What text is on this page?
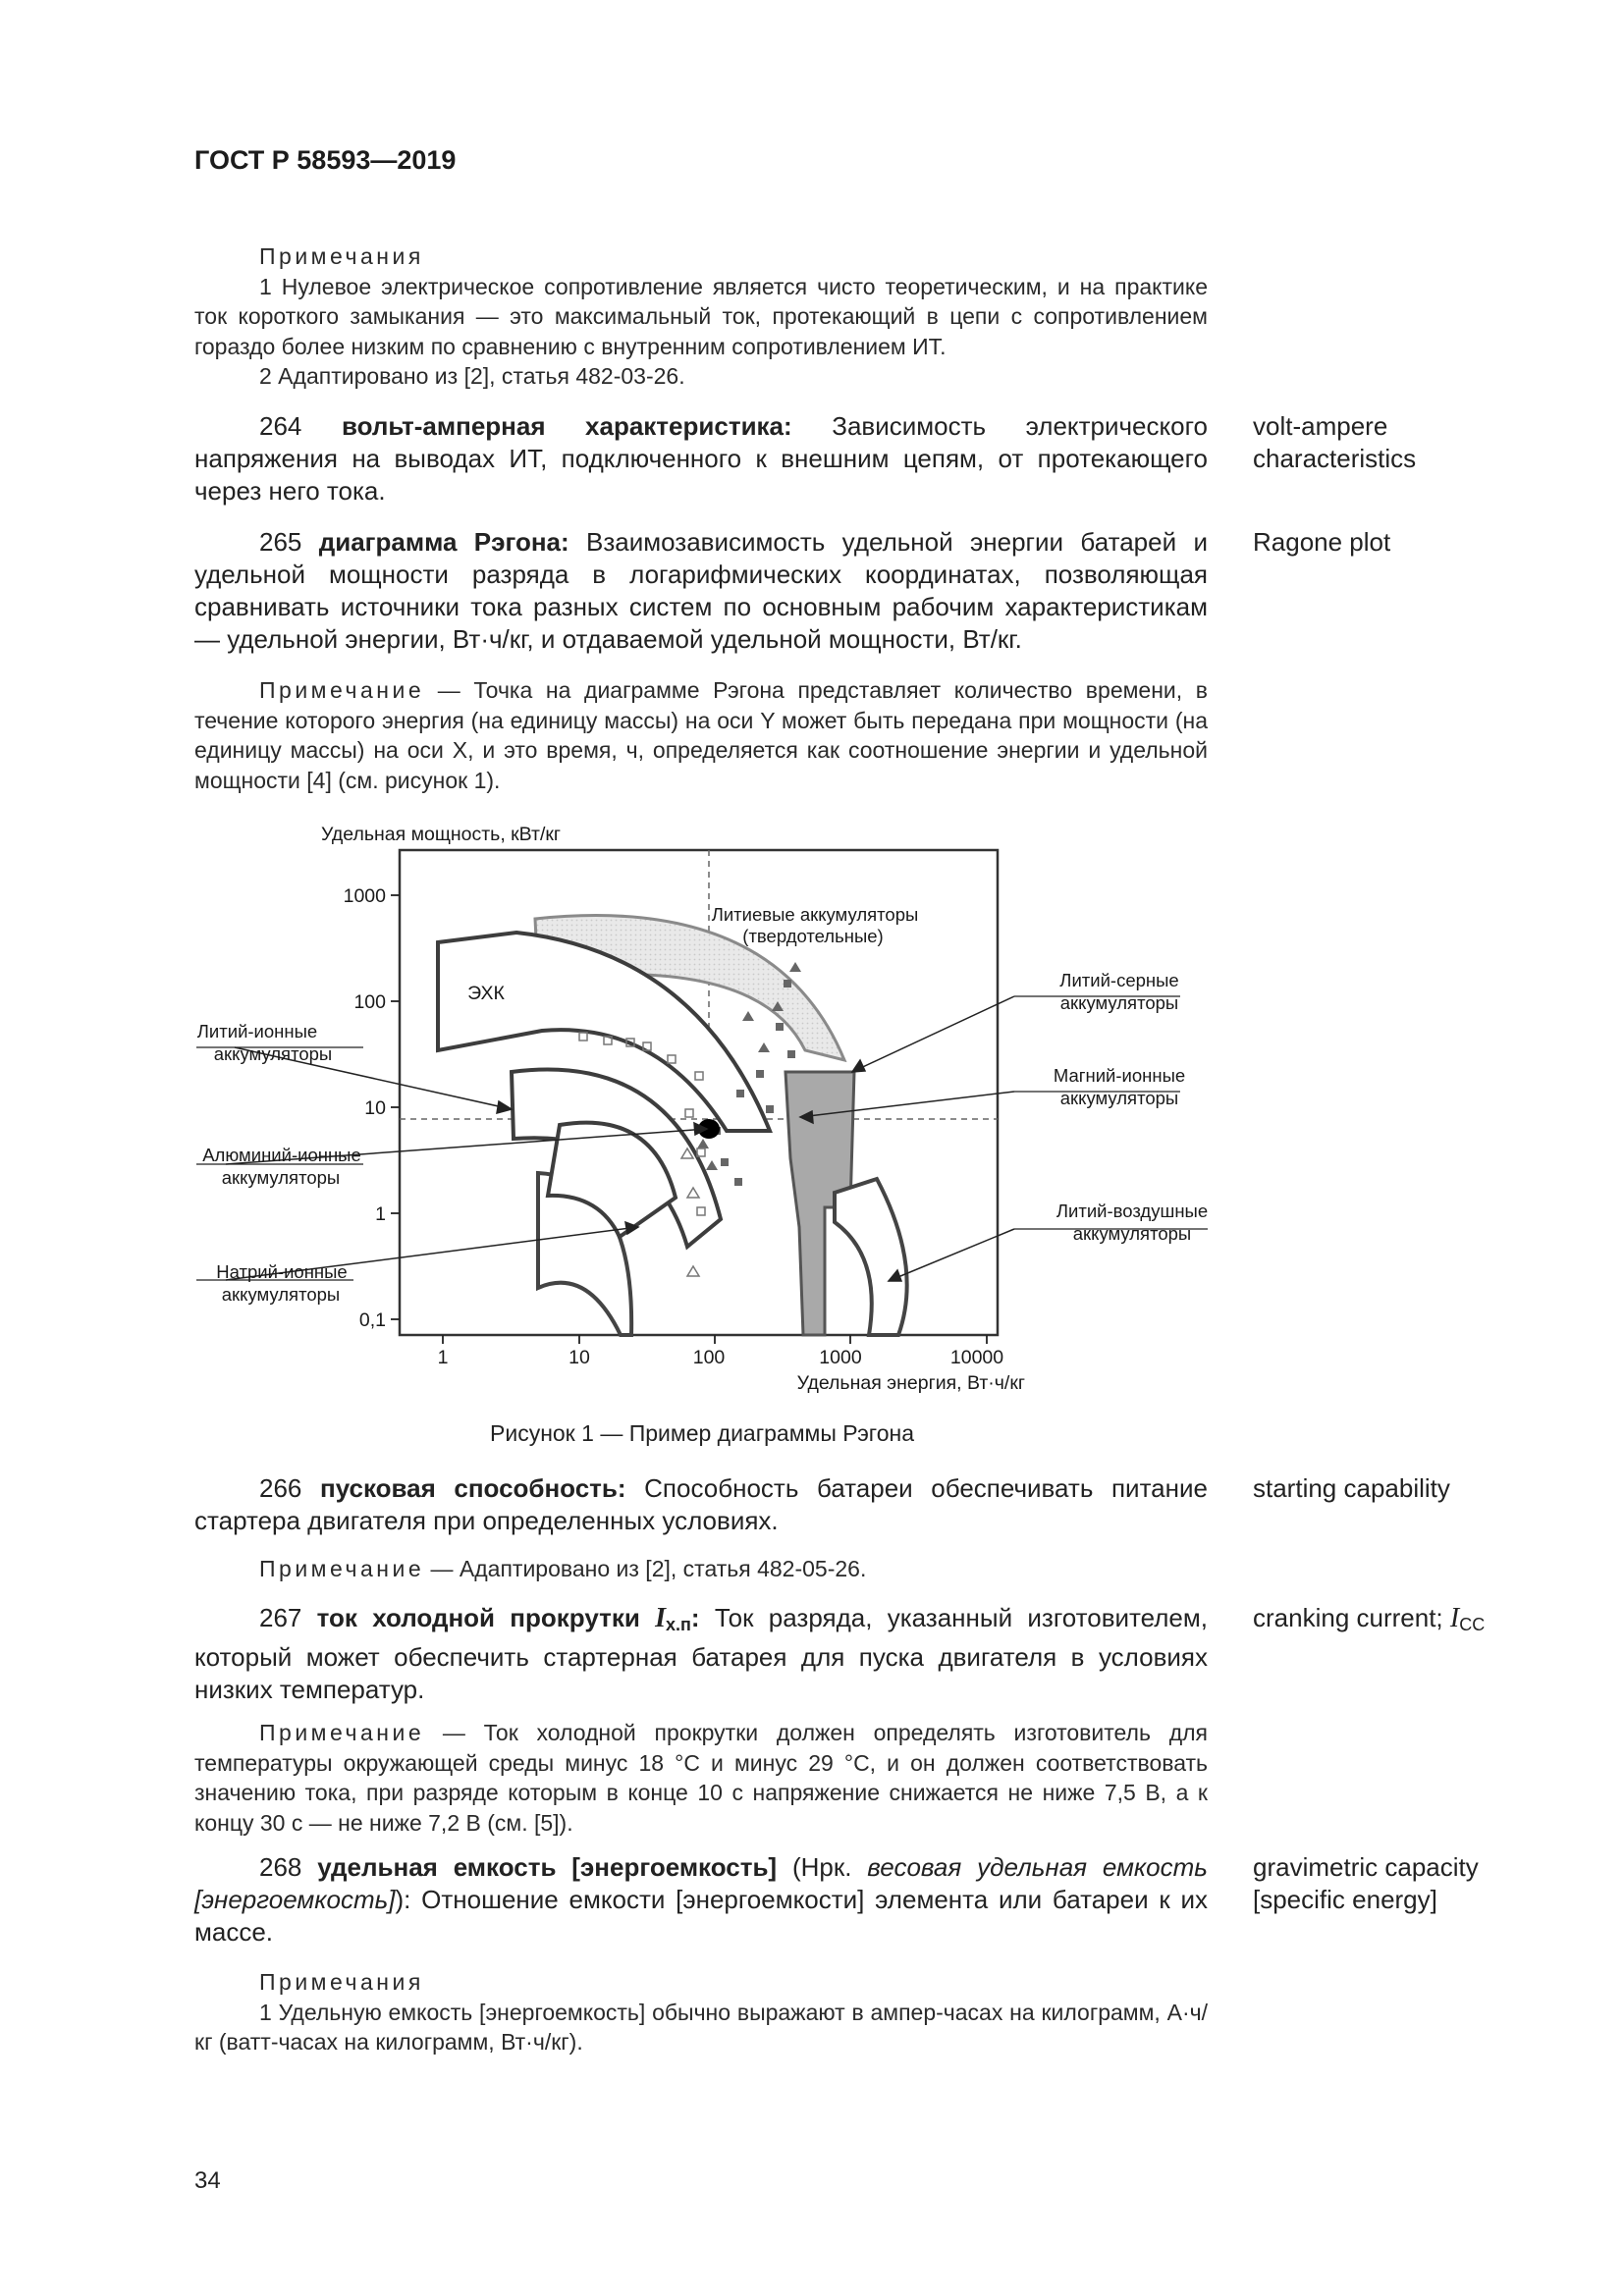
ГОСТ Р 58593—2019
Примечания
1 Нулевое электрическое сопротивление является чисто теоретическим, и на практике ток короткого замыкания — это максимальный ток, протекающий в цепи с сопротивлением гораздо более низким по сравнению с внутренним сопротивлением ИТ.
2 Адаптировано из [2], статья 482-03-26.
264 вольт-амперная характеристика: Зависимость электрического напряжения на выводах ИТ, подключенного к внешним цепям, от протекающего через него тока.
volt-ampere
characteristics
265 диаграмма Рэгона: Взаимозависимость удельной энергии батарей и удельной мощности разряда в логарифмических координатах, позволяющая сравнивать источники тока разных систем по основным рабочим характеристикам — удельной энергии, Вт·ч/кг, и отдаваемой удельной мощности, Вт/кг.
Ragone plot
Примечание — Точка на диаграмме Рэгона представляет количество времени, в течение которого энергия (на единицу массы) на оси Y может быть передана при мощности (на единицу массы) на оси X, и это время, ч, определяется как соотношение энергии и удельной мощности [4] (см. рисунок 1).
Удельная мощность, кВт/кг
Удельная энергия, Вт·ч/кг
1000
100
10
1
0,1
1	10	100	1000	10000
ЭХК
Литиевые аккумуляторы
(твердотельные)
Литий-серные
аккумуляторы
Магний-ионные
аккумуляторы
Литий-воздушные
аккумуляторы
Литий-ионные
аккумуляторы
Алюминий-ионные
аккумуляторы
Натрий-ионные
аккумуляторы
Рисунок 1 — Пример диаграммы Рэгона
266 пусковая способность: Способность батареи обеспечивать питание стартера двигателя при определенных условиях.
starting capability
Примечание — Адаптировано из [2], статья 482-05-26.
267 ток холодной прокрутки $I_{х.п}$: Ток разряда, указанный изготовителем, который может обеспечить стартерная батарея для пуска двигателя в условиях низких температур.
cranking current; $I_{CC}$
Примечание — Ток холодной прокрутки должен определять изготовитель для температуры окружающей среды минус 18 °С и минус 29 °С, и он должен соответствовать значению тока, при разряде которым в конце 10 с напряжение снижается не ниже 7,5 В, а к концу 30 с — не ниже 7,2 В (см. [5]).
268 удельная емкость [энергоемкость] (Нрк. весовая удельная емкость [энергоемкость]): Отношение емкости [энергоемкости] элемента или батареи к их массе.
gravimetric capacity
[specific energy]
Примечания
1 Удельную емкость [энергоемкость] обычно выражают в ампер-часах на килограмм, А·ч/кг (ватт-часах на килограмм, Вт·ч/кг).
34
